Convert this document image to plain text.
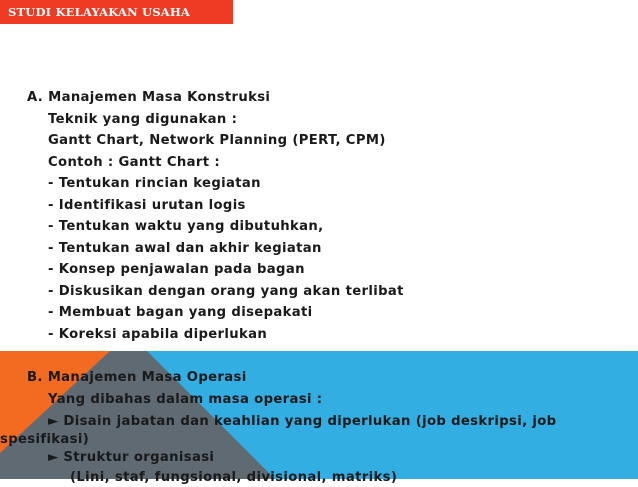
STUDI KELAYAKAN USAHA
A. Manajemen Masa Konstruksi
Teknik yang digunakan :
Gantt Chart, Network Planning (PERT, CPM)
Contoh : Gantt Chart :
- Tentukan rincian kegiatan
- Identifikasi urutan logis
- Tentukan waktu yang dibutuhkan,
- Tentukan awal dan akhir kegiatan
- Konsep penjawalan pada bagan
- Diskusikan dengan orang yang akan terlibat
- Membuat bagan yang disepakati
- Koreksi apabila diperlukan
B. Manajemen Masa Operasi
Yang dibahas dalam masa operasi :
► Disain jabatan dan keahlian yang diperlukan (job deskripsi, job spesifikasi)
► Struktur organisasi
(Lini, staf, fungsional, divisional, matriks)
